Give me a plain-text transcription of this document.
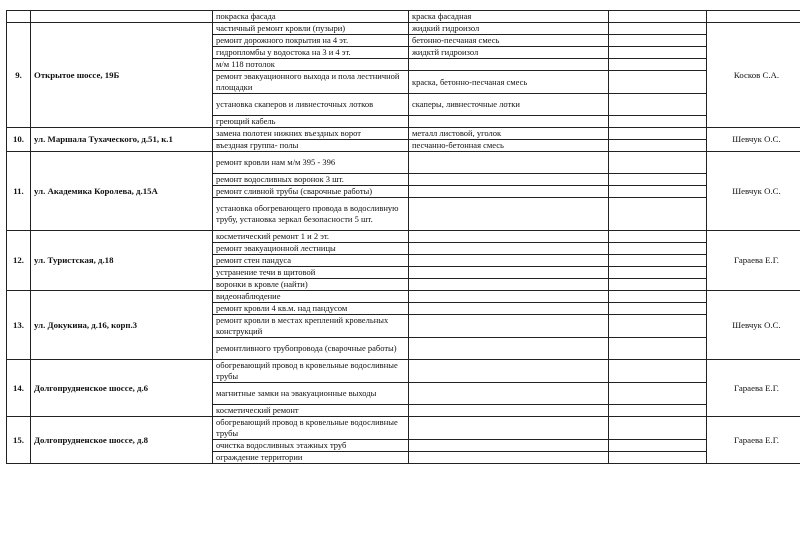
		покраска фасада	краска фасадная		
9.	Открытое шоссе, 19Б	частичный ремонт кровли (пузыри)	жидкий гидроизол		Косков С.А.
		ремонт дорожного покрытия на 4 эт.	бетонно-песчаная смесь		
		гидропломбы у водостока на 3 и 4 эт.	жидктй гидроизол		
		м/м 118 потолок			
		ремонт эвакуационного выхода и пола лестничной площадки	краска, бетонно-песчаная смесь		
		установка скаперов и ливнесточных лотков	скаперы, ливнесточные лотки		
		греющий кабель			
10.	ул. Маршала Тухачеcкого, д.51, к.1	замена полотен нижних въездных ворот	металл листовой, уголок		Шевчук О.С.
		въездная группа- полы	песчанно-бетонная смесь		
11.	ул. Академика Королева, д.15А	ремонт кровли нам м/м 395 - 396			Шевчук О.С.
		ремонт водосливных воронок 3 шт.			
		ремонт сливной трубы (сварочные работы)			
		установка обогревающего провода в водосливную трубу, установка зеркал безопасности 5 шт.			
12.	ул. Туристская, д.18	косметический ремонт 1 и 2 эт.			Гараева Е.Г.
		ремонт эвакуационной лестницы			
		ремонт стен пандуса			
		устранение течи в щитовой			
		воронки в кровле (найти)			
13.	ул. Докукина, д.16, корп.3	видеонаблюдение			Шевчук О.С.
		ремонт кровли 4 кв.м. над пандусом			
		ремонт кровли в местах креплений кровельных конструкций			
		ремонтливного трубопровода (сварочные работы)			
14.	Долгопрудненское шоссе, д.6	обогревающий провод в кровельные водосливные трубы			Гараева Е.Г.
		магнитные замки на эвакуационные выходы			
		косметический ремонт			
15.	Долгопрудненское шоссе, д.8	обогревающий провод в кровельные водосливные трубы			Гараева Е.Г.
		очистка водосливных этажных труб			
		ограждение территории			
